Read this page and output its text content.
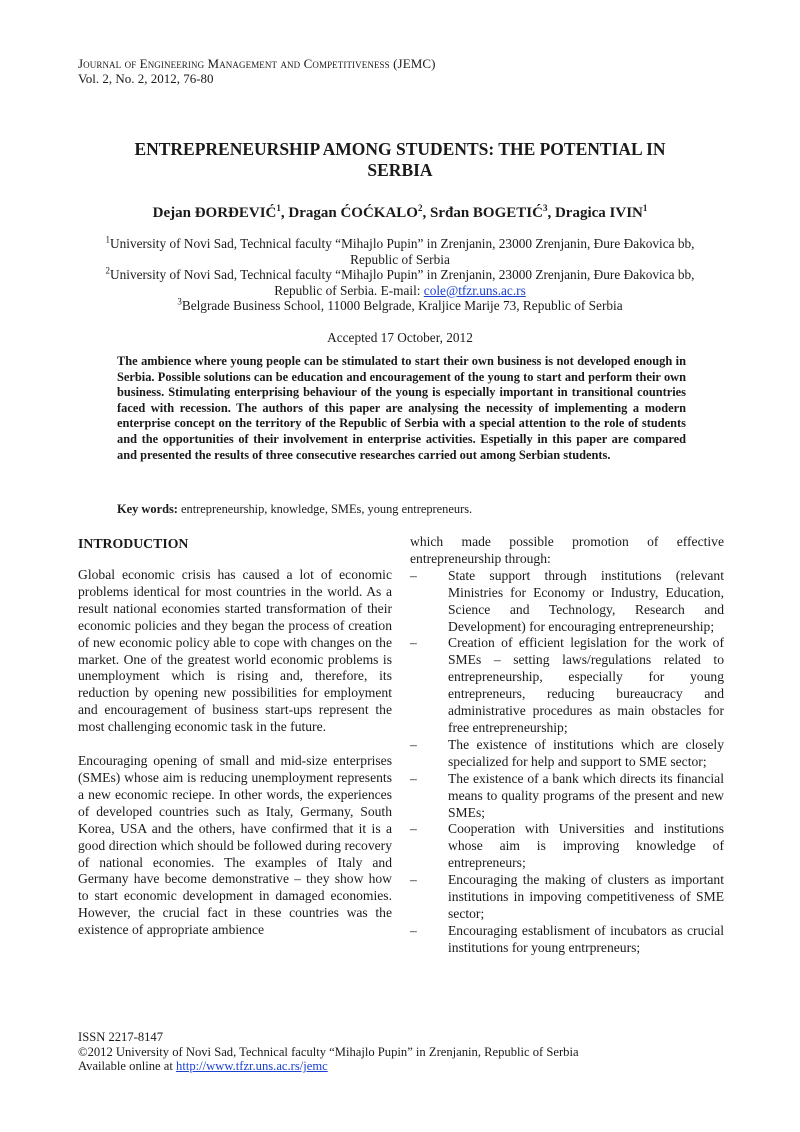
Journal of Engineering Management and Competitiveness (JEMC)
Vol. 2, No. 2, 2012, 76-80
ENTREPRENEURSHIP AMONG STUDENTS: THE POTENTIAL IN
SERBIA
Dejan ĐORĐEVIĆ$^1$, Dragan ĆOĆKALO$^2$, Srđan BOGETIĆ$^3$, Dragica IVIN$^1$
$^1$University of Novi Sad, Technical faculty “Mihajlo Pupin” in Zrenjanin, 23000 Zrenjanin, Đure Đakovica bb,
Republic of Serbia
$^2$University of Novi Sad, Technical faculty “Mihajlo Pupin” in Zrenjanin, 23000 Zrenjanin, Đure Đakovica bb,
Republic of Serbia. E-mail: cole@tfzr.uns.ac.rs
$^3$Belgrade Business School, 11000 Belgrade, Kraljice Marije 73, Republic of Serbia
Accepted 17 October, 2012
The ambience where young people can be stimulated to start their own business is not developed enough in Serbia. Possible solutions can be education and encouragement of the young to start and perform their own business. Stimulating enterprising behaviour of the young is especially important in transitional countries faced with recession. The authors of this paper are analysing the necessity of implementing a modern enterprise concept on the territory of the Republic of Serbia with a special attention to the role of students and the opportunities of their involvement in enterprise activities. Espetially in this paper are compared and presented the results of three consecutive researches carried out among Serbian students.
Key words: entrepreneurship, knowledge, SMEs, young entrepreneurs.
INTRODUCTION

Global economic crisis has caused a lot of economic problems identical for most countries in the world. As a result national economies started transformation of their economic policies and they began the process of creation of new economic policy able to cope with changes on the market. One of the greatest world economic problems is unemployment which is rising and, therefore, its reduction by opening new possibilities for employment and encouragement of business start-ups represent the most challenging economic task in the future.

Encouraging opening of small and mid-size enterprises (SMEs) whose aim is reducing unemployment represents a new economic reciepe. In other words, the experiences of developed countries such as Italy, Germany, South Korea, USA and the others, have confirmed that it is a good direction which should be followed during recovery of national economies. The examples of Italy and Germany have become demonstrative – they show how to start economic development in damaged economies. However, the crucial fact in these countries was the existence of appropriate ambience

which made possible promotion of effective entrepreneurship through:

– State support through institutions (relevant Ministries for Economy or Industry, Education, Science and Technology, Research and Development) for encouraging entrepreneurship;
– Creation of efficient legislation for the work of SMEs – setting laws/regulations related to entrepreneurship, especially for young entrepreneurs, reducing bureaucracy and administrative procedures as main obstacles for free entrepreneurship;
– The existence of institutions which are closely specialized for help and support to SME sector;
– The existence of a bank which directs its financial means to quality programs of the present and new SMEs;
– Cooperation with Universities and institutions whose aim is improving knowledge of entrepreneurs;
– Encouraging the making of clusters as important institutions in impoving competitiveness of SME sector;
– Encouraging establisment of incubators as crucial institutions for young entrpreneurs;
ISSN 2217-8147
©2012 University of Novi Sad, Technical faculty “Mihajlo Pupin” in Zrenjanin, Republic of Serbia
Available online at http://www.tfzr.uns.ac.rs/jemc
